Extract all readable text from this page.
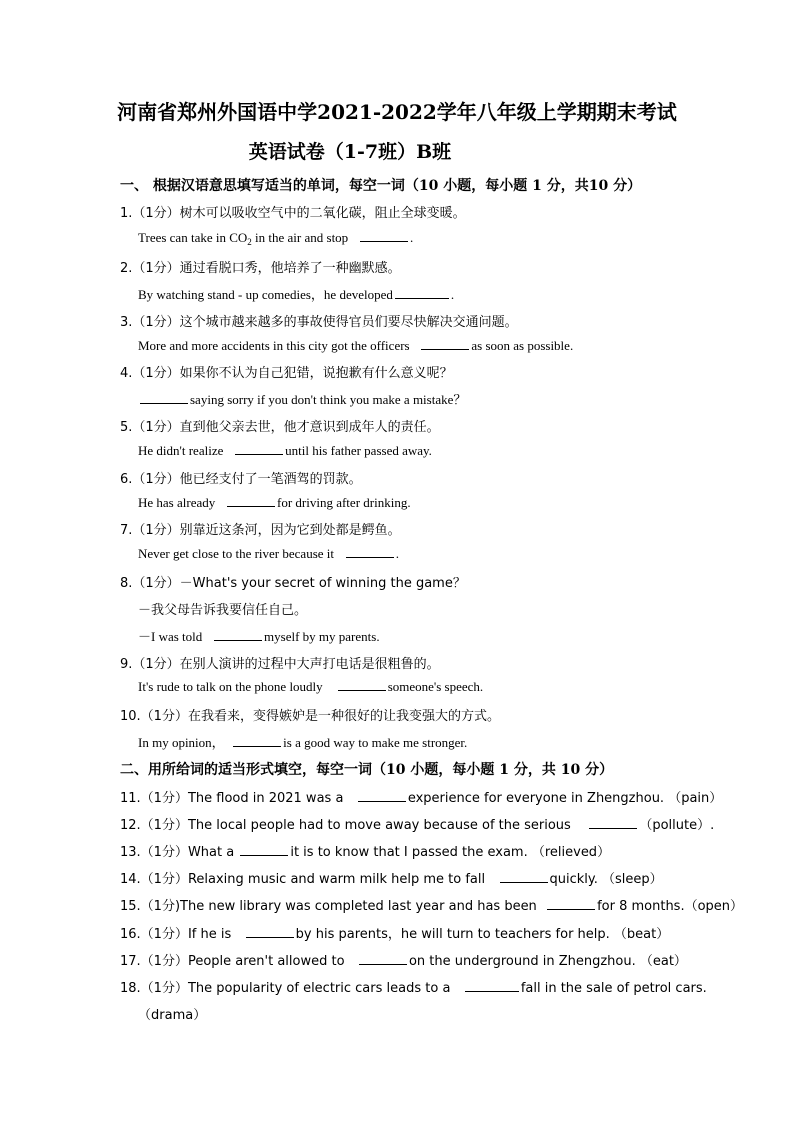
河南省郑州外国语中学2021-2022学年八年级上学期期末考试
英语试卷（1-7班）B班
一、 根据汉语意思填写适当的单词，每空一词（10 小题，每小题 1 分，共10 分）
1.（1分）树木可以吸收空气中的二氧化碳，阻止全球变暖。
Trees can take in $CO_2$ in the air and stop	.
2.（1分）通过看脱口秀，他培养了一种幽默感。
By watching stand - up comedies，he developed	.
3.（1分）这个城市越来越多的事故使得官员们要尽快解决交通问题。
More and more accidents in this city got the officers	as soon as possible.
4.（1分）如果你不认为自己犯错，说抱歉有什么意义呢？
saying sorry if you don't think you make a mistake？
5.（1分）直到他父亲去世，他才意识到成年人的责任。
He didn't realize	until his father passed away.
6.（1分）他已经支付了一笔酒驾的罚款。
He has already	for driving after drinking.
7.（1分）别靠近这条河，因为它到处都是鳄鱼。
Never get close to the river because it	.
8.（1分）－What's your secret of winning the game？
－我父母告诉我要信任自己。
－I was told	myself by my parents.
9.（1分）在别人演讲的过程中大声打电话是很粗鲁的。
It's rude to talk on the phone loudly	someone's speech.
10.（1分）在我看来，变得嫉妒是一种很好的让我变强大的方式。
In my opinion，	is a good way to make me stronger.
二、用所给词的适当形式填空，每空一词（10 小题，每小题 1 分，共 10 分）
11.（1分）The flood in 2021 was a	experience for everyone in Zhengzhou. （pain）
12.（1分）The local people had to move away because of the serious	（pollute）.
13.（1分）What a	it is to know that I passed the exam. （relieved）
14.（1分）Relaxing music and warm milk help me to fall	quickly. （sleep）
15.（1分)The new library was completed last year and has been	for 8 months.（open）
16.（1分）If he is	by his parents，he will turn to teachers for help. （beat）
17.（1分）People aren't allowed to	on the underground in Zhengzhou. （eat）
18.（1分）The popularity of electric cars leads to a	fall in the sale of petrol cars.
（drama）
